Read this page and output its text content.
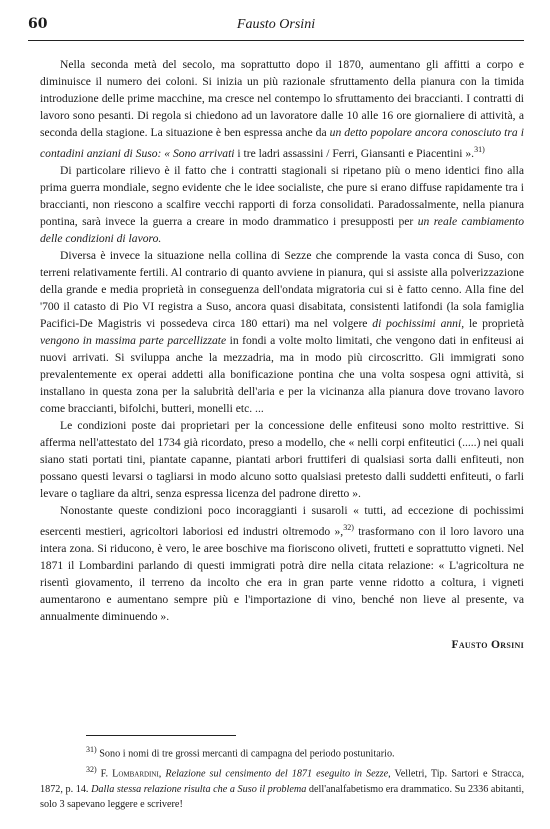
60	Fausto Orsini

Nella seconda metà del secolo, ma soprattutto dopo il 1870, aumentano gli affitti a corpo e diminuisce il numero dei coloni. Si inizia un più razionale sfruttamento della pianura con la timida introduzione delle prime macchine, ma cresce nel contempo lo sfruttamento dei braccianti. I contratti di lavoro sono pesanti. Di regola si chiedono ad un lavoratore dalle 10 alle 16 ore giornaliere di attività, a seconda della stagione. La situazione è ben espressa anche da un detto popolare ancora conosciuto tra i contadini anziani di Suso: « Sono arrivati i tre ladri assassini / Ferri, Giansanti e Piacentini ».$^{31)}$

Di particolare rilievo è il fatto che i contratti stagionali si ripetano più o meno identici fino alla prima guerra mondiale, segno evidente che le idee socialiste, che pure si erano diffuse rapidamente tra i braccianti, non riescono a scalfire vecchi rapporti di forza consolidati. Paradossalmente, nella pianura pontina, sarà invece la guerra a creare in modo drammatico i presupposti per un reale cambiamento delle condizioni di lavoro.

Diversa è invece la situazione nella collina di Sezze che comprende la vasta conca di Suso, con terreni relativamente fertili. Al contrario di quanto avviene in pianura, qui si assiste alla polverizzazione della grande e media proprietà in conseguenza dell'ondata migratoria cui si è fatto cenno. Alla fine del '700 il catasto di Pio VI registra a Suso, ancora quasi disabitata, consistenti latifondi (la sola famiglia Pacifici-De Magistris vi possedeva circa 180 ettari) ma nel volgere di pochissimi anni, le proprietà vengono in massima parte parcellizzate in fondi a volte molto limitati, che vengono dati in enfiteusi ai nuovi arrivati. Si sviluppa anche la mezzadria, ma in modo più circoscritto. Gli immigrati sono prevalentemente ex operai addetti alla bonificazione pontina che una volta sospesa ogni attività, si installano in questa zona per la salubrità dell'aria e per la vicinanza alla pianura dove trovano lavoro come braccianti, bifolchi, butteri, monelli etc. ...

Le condizioni poste dai proprietari per la concessione delle enfiteusi sono molto restrittive. Si afferma nell'attestato del 1734 già ricordato, preso a modello, che « nelli corpi enfiteutici (.....) nei quali siano stati portati tini, piantate capanne, piantati arbori fruttiferi di qualsiasi sorta dalli enfiteuti, non possano questi levarsi o tagliarsi in modo alcuno sotto qualsiasi pretesto dalli suddetti enfiteuti, o farli levare o tagliare da altri, senza espressa licenza del padrone diretto ».

Nonostante queste condizioni poco incoraggianti i susaroli « tutti, ad eccezione di pochissimi esercenti mestieri, agricoltori laboriosi ed industri oltremodo »,$^{32)}$ trasformano con il loro lavoro una intera zona. Si riducono, è vero, le aree boschive ma fioriscono oliveti, frutteti e soprattutto vigneti. Nel 1871 il Lombardini parlando di questi immigrati potrà dire nella citata relazione: « L'agricoltura ne risentì giovamento, il terreno da incolto che era in gran parte venne ridotto a coltura, i vigneti aumentarono e aumentano sempre più e l'importazione di vino, benché non lieve al presente, va annualmente diminuendo ».

Fausto Orsini

$^{31)}$ Sono i nomi di tre grossi mercanti di campagna del periodo postunitario.

$^{32)}$ F. Lombardini, Relazione sul censimento del 1871 eseguito in Sezze, Velletri, Tip. Sartori e Stracca, 1872, p. 14. Dalla stessa relazione risulta che a Suso il problema dell'analfabetismo era drammatico. Su 2336 abitanti, solo 3 sapevano leggere e scrivere!
